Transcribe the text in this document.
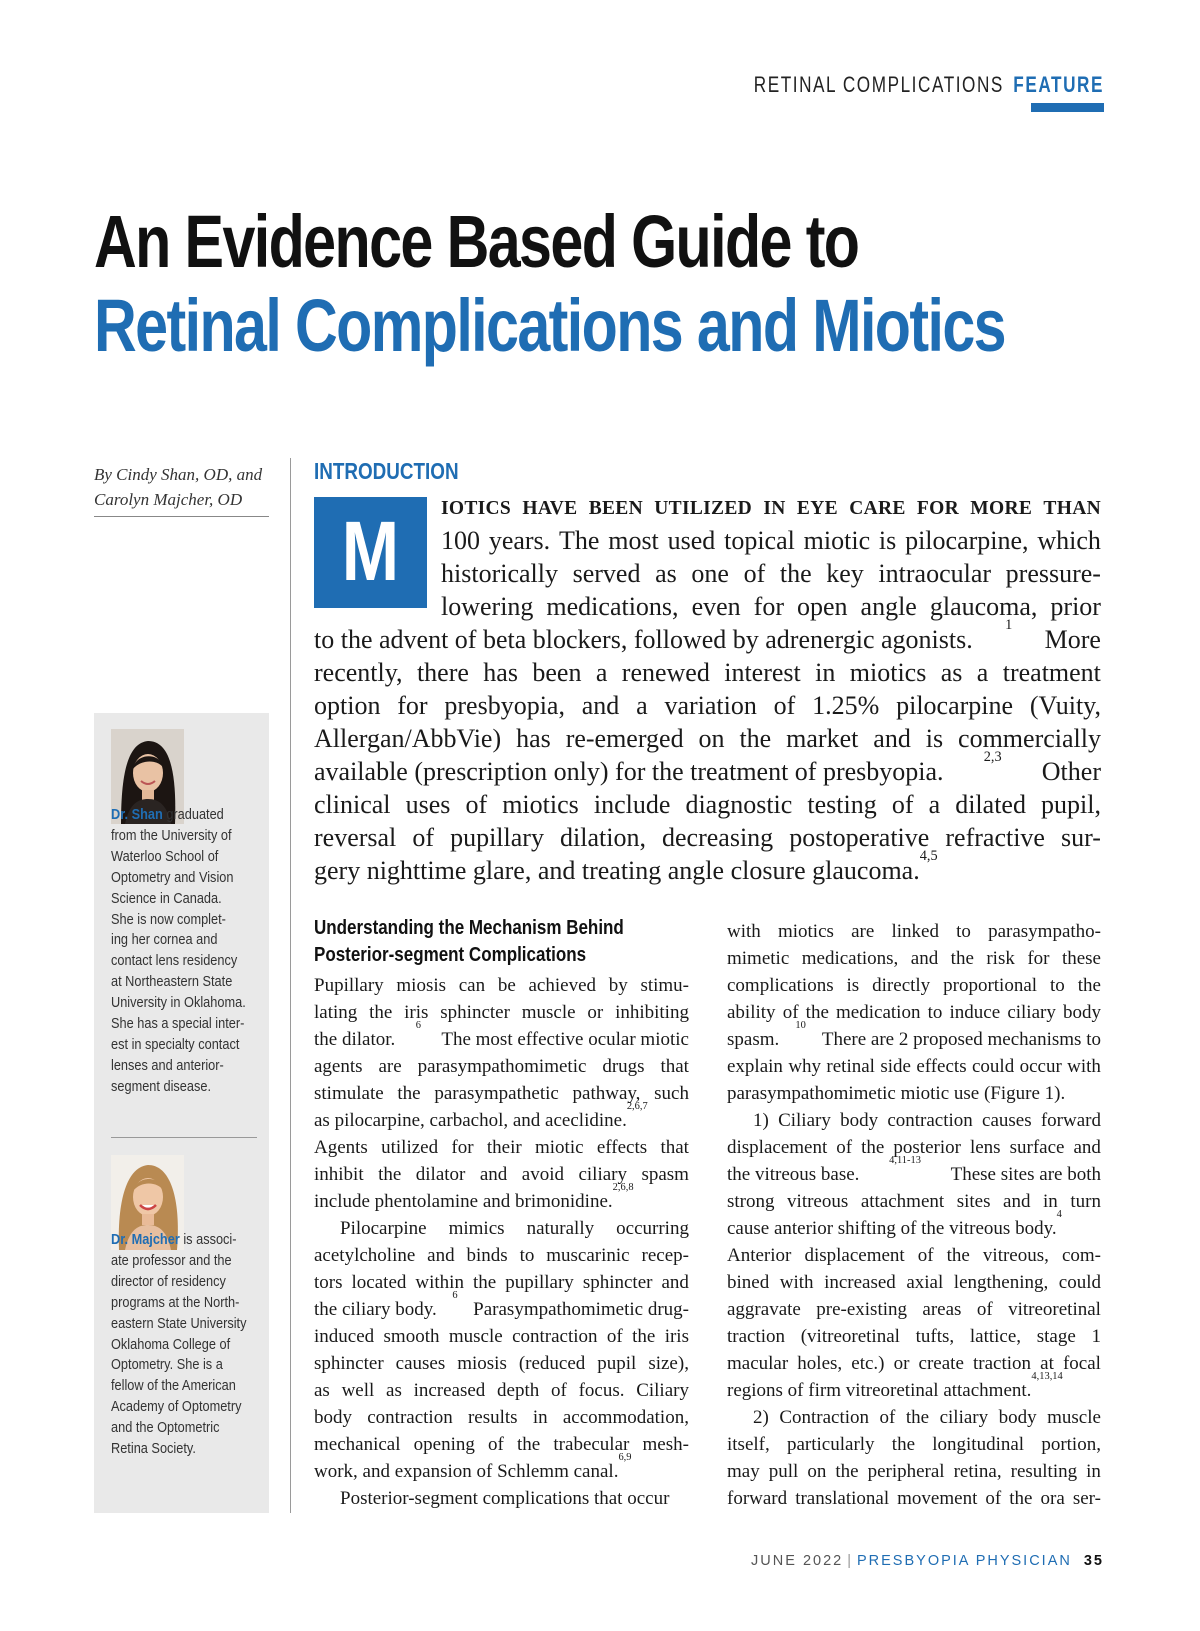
RETINAL COMPLICATIONS FEATURE
An Evidence Based Guide to
Retinal Complications and Miotics
By Cindy Shan, OD, and
Carolyn Majcher, OD
Dr. Shan graduated
from the University of
Waterloo School of
Optometry and Vision
Science in Canada.
She is now complet-
ing her cornea and
contact lens residency
at Northeastern State
University in Oklahoma.
She has a special inter-
est in specialty contact
lenses and anterior-
segment disease.
Dr. Majcher is associ-
ate professor and the
director of residency
programs at the North-
eastern State University
Oklahoma College of
Optometry. She is a
fellow of the American
Academy of Optometry
and the Optometric
Retina Society.
INTRODUCTION
M	IOTICS HAVE BEEN UTILIZED IN EYE CARE FOR MORE THAN
100 years. The most used topical miotic is pilocarpine, which
historically served as one of the key intraocular pressure-
lowering medications, even for open angle glaucoma, prior
to the advent of beta blockers, followed by adrenergic agonists. 1 More
recently, there has been a renewed interest in miotics as a treatment
option for presbyopia, and a variation of 1.25% pilocarpine (Vuity,
Allergan/AbbVie) has re-emerged on the market and is commercially
available (prescription only) for the treatment of presbyopia.	2,3 Other
clinical uses of miotics include diagnostic testing of a dilated pupil,
reversal of pupillary dilation, decreasing postoperative refractive sur-
gery nighttime glare, and treating angle closure glaucoma. 4,5
Understanding the Mechanism Behind
Posterior-segment Complications
Pupillary miosis can be achieved by stimu-
lating the iris sphincter muscle or inhibiting
the dilator.
6
The most effective ocular miotic
agents are parasympathomimetic drugs that
stimulate the parasympathetic pathway, such
as pilocarpine, carbachol, and aceclidine.
2,6,7
Agents utilized for their miotic effects that
inhibit the dilator and avoid ciliary spasm
include phentolamine and brimonidine.
2,6,8
Pilocarpine mimics naturally occurring
acetylcholine and binds to muscarinic recep-
tors located within the pupillary sphincter and
the ciliary body.
6
Parasympathomimetic drug-
induced smooth muscle contraction of the iris
sphincter causes miosis (reduced pupil size),
as well as increased depth of focus. Ciliary
body contraction results in accommodation,
mechanical opening of the trabecular mesh-
work, and expansion of Schlemm canal.
6,9
Posterior-segment complications that occur
with miotics are linked to parasympatho-
mimetic medications, and the risk for these
complications is directly proportional to the
ability of the medication to induce ciliary body
spasm.
10
There are 2 proposed mechanisms to
explain why retinal side effects could occur with
parasympathomimetic miotic use (Figure 1).
1) Ciliary body contraction causes forward
displacement of the posterior lens surface and
the vitreous base.
4,11-13
These sites are both
strong vitreous attachment sites and in turn
cause anterior shifting of the vitreous body.
4
Anterior displacement of the vitreous, com-
bined with increased axial lengthening, could
aggravate pre-existing areas of vitreoretinal
traction (vitreoretinal tufts, lattice, stage 1
macular holes, etc.) or create traction at focal
regions of firm vitreoretinal attachment.
4,13,14
2) Contraction of the ciliary body muscle
itself, particularly the longitudinal portion,
may pull on the peripheral retina, resulting in
forward translational movement of the ora ser-
JUNE 2022 | PRESBYOPIA PHYSICIAN 35
